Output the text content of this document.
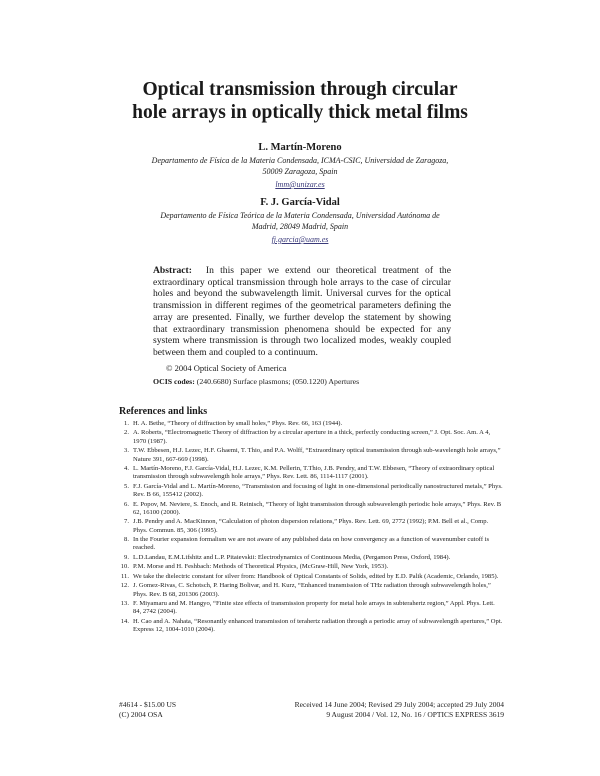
Optical transmission through circular
hole arrays in optically thick metal films
L. Martín-Moreno
Departamento de Física de la Materia Condensada, ICMA-CSIC, Universidad de Zaragoza,
50009 Zaragoza, Spain
lmm@unizar.es
F. J. García-Vidal
Departamento de Física Teórica de la Materia Condensada, Universidad Autónoma de
Madrid, 28049 Madrid, Spain
fj.garcia@uam.es
Abstract: In this paper we extend our theoretical treatment of the extraordinary optical transmission through hole arrays to the case of circular holes and beyond the subwavelength limit. Universal curves for the optical transmission in different regimes of the geometrical parameters defining the array are presented. Finally, we further develop the statement by showing that extraordinary transmission phenomena should be expected for any system where transmission is through two localized modes, weakly coupled between them and coupled to a continuum.
© 2004 Optical Society of America
OCIS codes: (240.6680) Surface plasmons; (050.1220) Apertures
References and links
1. H. A. Bethe, “Theory of diffraction by small holes,” Phys. Rev. 66, 163 (1944).
2. A. Roberts, “Electromagnetic Theory of diffraction by a circular aperture in a thick, perfectly conducting screen,” J. Opt. Soc. Am. A 4, 1970 (1987).
3. T.W. Ebbesen, H.J. Lezec, H.F. Ghaemi, T. Thio, and P.A. Wolff, “Extraordinary optical transmission through sub-wavelength hole arrays,” Nature 391, 667-669 (1998).
4. L. Martín-Moreno, F.J. García-Vidal, H.J. Lezec, K.M. Pellerin, T.Thio, J.B. Pendry, and T.W. Ebbesen, “Theory of extraordinary optical transmission through subwavelength hole arrays,” Phys. Rev. Lett. 86, 1114-1117 (2001).
5. F.J. García-Vidal and L. Martín-Moreno, “Transmission and focusing of light in one-dimensional periodically nanostructured metals,” Phys. Rev. B 66, 155412 (2002).
6. E. Popov, M. Neviere, S. Enoch, and R. Reinisch, “Theory of light transmission through subwavelength periodic hole arrays,” Phys. Rev. B 62, 16100 (2000).
7. J.B. Pendry and A. MacKinnon, “Calculation of photon dispersion relations,” Phys. Rev. Lett. 69, 2772 (1992); P.M. Bell et al., Comp. Phys. Commun. 85, 306 (1995).
8. In the Fourier expansion formalism we are not aware of any published data on how convergency as a function of wavenumber cutoff is reached.
9. L.D.Landau, E.M.Lifshitz and L.P. Pitaievskii: Electrodynamics of Continuous Media, (Pergamon Press, Oxford, 1984).
10. P.M. Morse and H. Feshbach: Methods of Theoretical Physics, (McGraw-Hill, New York, 1953).
11. We take the dielectric constant for silver from: Handbook of Optical Constants of Solids, edited by E.D. Palik (Academic, Orlando, 1985).
12. J. Gomez-Rivas, C. Schotsch, P. Haring Bolivar, and H. Kurz, “Enhanced transmission of THz radiation through subwavelength holes,” Phys. Rev. B 68, 201306 (2003).
13. F. Miyamaru and M. Hangyo, “Finite size effects of transmission property for metal hole arrays in subterahertz region,” Appl. Phys. Lett. 84, 2742 (2004).
14. H. Cao and A. Nahata, “Resonantly enhanced transmission of terahertz radiation through a periodic array of subwavelength apertures,” Opt. Express 12, 1004-1010 (2004).
#4614 - $15.00 US	Received 14 June 2004; Revised 29 July 2004; accepted 29 July 2004
(C) 2004 OSA	9 August 2004 / Vol. 12, No. 16 / OPTICS EXPRESS 3619
